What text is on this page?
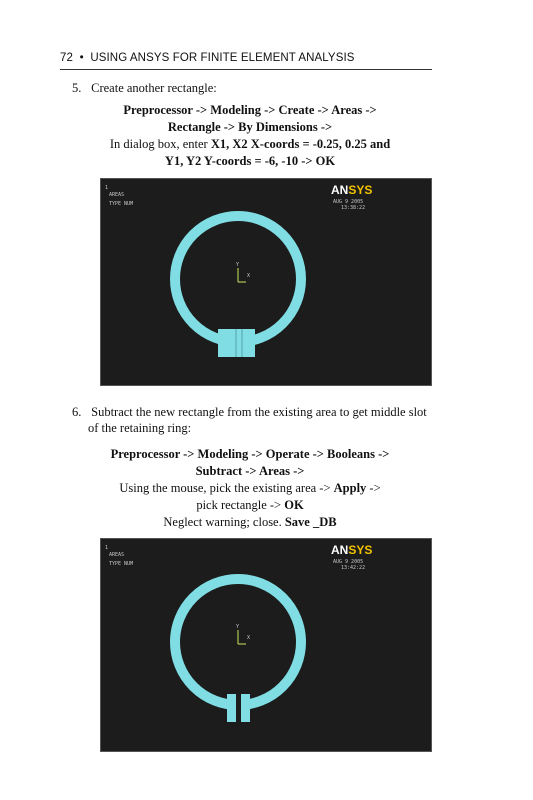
72 • USING ANSYS FOR FINITE ELEMENT ANALYSIS
5. Create another rectangle:
Preprocessor -> Modeling -> Create -> Areas ->
Rectangle -> By Dimensions ->
In dialog box, enter X1, X2 X-coords = -0.25, 0.25 and
Y1, Y2 Y-coords = -6, -10 -> OK
1
AREAS
TYPE NUM
ANSYS
AUG 9 2005
13:38:22
Y
X
6. Subtract the new rectangle from the existing area to get middle slot
of the retaining ring:
Preprocessor -> Modeling -> Operate -> Booleans ->
Subtract -> Areas ->
Using the mouse, pick the existing area -> Apply ->
pick rectangle -> OK
Neglect warning; close. Save _DB
1
AREAS
TYPE NUM
ANSYS
AUG 9 2005
13:42:22
Y
X
